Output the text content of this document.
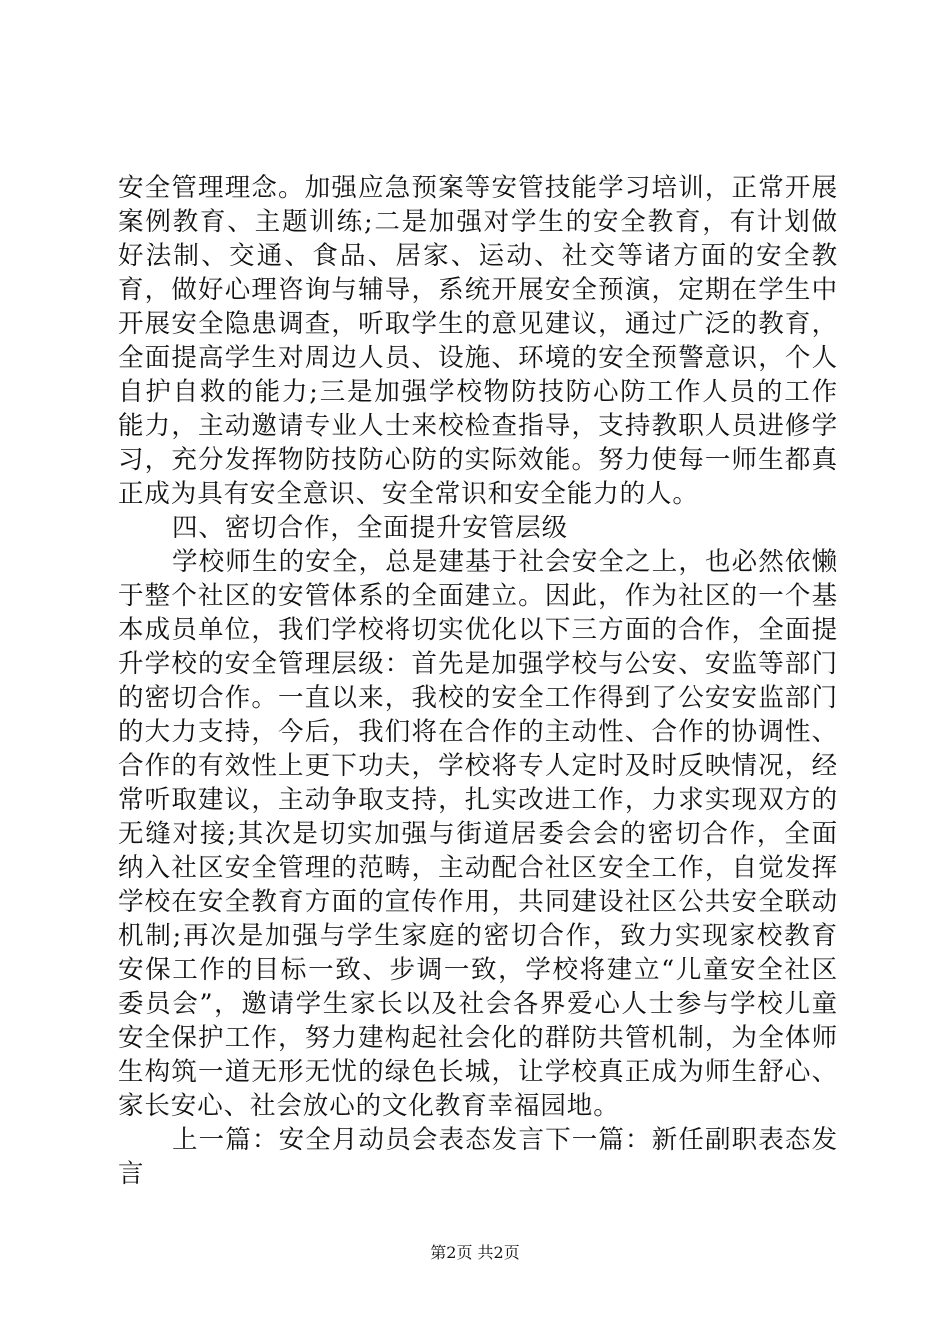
安全管理理念。加强应急预案等安管技能学习培训，正常开展案例教育、主题训练;二是加强对学生的安全教育，有计划做好法制、交通、食品、居家、运动、社交等诸方面的安全教育，做好心理咨询与辅导，系统开展安全预演，定期在学生中开展安全隐患调查，听取学生的意见建议，通过广泛的教育，全面提高学生对周边人员、设施、环境的安全预警意识，个人自护自救的能力;三是加强学校物防技防心防工作人员的工作能力，主动邀请专业人士来校检查指导，支持教职人员进修学习，充分发挥物防技防心防的实际效能。努力使每一师生都真正成为具有安全意识、安全常识和安全能力的人。

四、密切合作，全面提升安管层级

学校师生的安全，总是建基于社会安全之上，也必然依懒于整个社区的安管体系的全面建立。因此，作为社区的一个基本成员单位，我们学校将切实优化以下三方面的合作，全面提升学校的安全管理层级：首先是加强学校与公安、安监等部门的密切合作。一直以来，我校的安全工作得到了公安安监部门的大力支持，今后，我们将在合作的主动性、合作的协调性、合作的有效性上更下功夫，学校将专人定时及时反映情况，经常听取建议，主动争取支持，扎实改进工作，力求实现双方的无缝对接;其次是切实加强与街道居委会会的密切合作，全面纳入社区安全管理的范畴，主动配合社区安全工作，自觉发挥学校在安全教育方面的宣传作用，共同建设社区公共安全联动机制;再次是加强与学生家庭的密切合作，致力实现家校教育安保工作的目标一致、步调一致，学校将建立“儿童安全社区委员会”，邀请学生家长以及社会各界爱心人士参与学校儿童安全保护工作，努力建构起社会化的群防共管机制，为全体师生构筑一道无形无忧的绿色长城，让学校真正成为师生舒心、家长安心、社会放心的文化教育幸福园地。

上一篇：安全月动员会表态发言下一篇：新任副职表态发言

第2页 共2页
